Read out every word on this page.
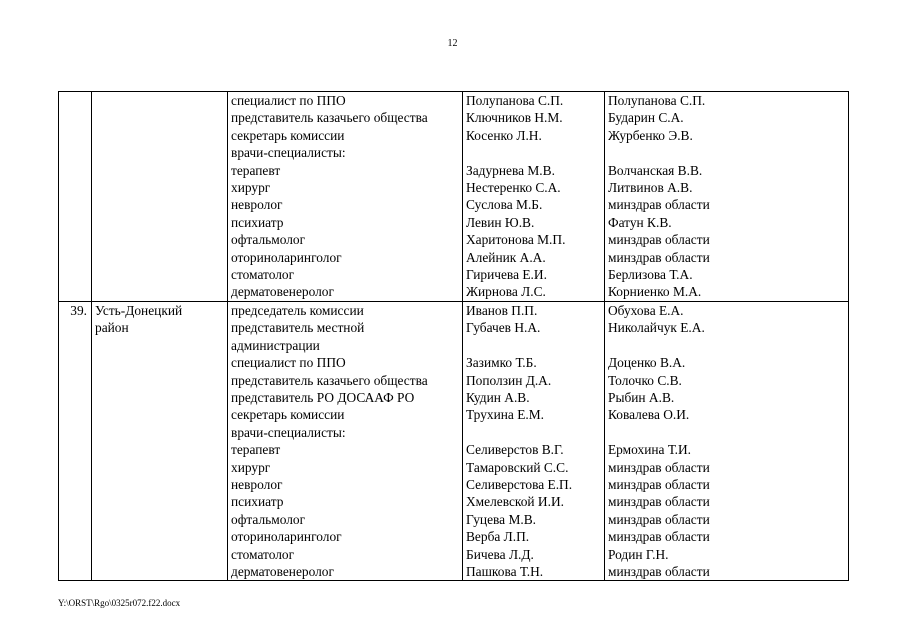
12
		специалист по ППО	Полупанова С.П.	Полупанова С.П.
		представитель казачьего общества	Ключников Н.М.	Бударин С.А.
		секретарь комиссии	Косенко Л.Н.	Журбенко Э.В.
		врачи-специалисты:		
		терапевт	Задурнева М.В.	Волчанская В.В.
		хирург	Нестеренко С.А.	Литвинов А.В.
		невролог	Суслова М.Б.	минздрав области
		психиатр	Левин Ю.В.	Фатун К.В.
		офтальмолог	Харитонова М.П.	минздрав области
		оториноларинголог	Алейник А.А.	минздрав области
		стоматолог	Гиричева Е.И.	Берлизова Т.А.
		дерматовенеролог	Жирнова Л.С.	Корниенко М.А.
39.	Усть-Донецкий	председатель комиссии	Иванов П.П.	Обухова Е.А.
	район	представитель местной	Губачев Н.А.	Николайчук Е.А.
		администрации		
		специалист по ППО	Зазимко Т.Б.	Доценко В.А.
		представитель казачьего общества	Поползин Д.А.	Толочко С.В.
		представитель РО ДОСААФ РО	Кудин А.В.	Рыбин А.В.
		секретарь комиссии	Трухина Е.М.	Ковалева О.И.
		врачи-специалисты:		
		терапевт	Селиверстов В.Г.	Ермохина Т.И.
		хирург	Тамаровский С.С.	минздрав области
		невролог	Селиверстова Е.П.	минздрав области
		психиатр	Хмелевской И.И.	минздрав области
		офтальмолог	Гуцева М.В.	минздрав области
		оториноларинголог	Верба Л.П.	минздрав области
		стоматолог	Бичева Л.Д.	Родин Г.Н.
		дерматовенеролог	Пашкова Т.Н.	минздрав области
Y:\ORST\Rgo\0325r072.f22.docx
